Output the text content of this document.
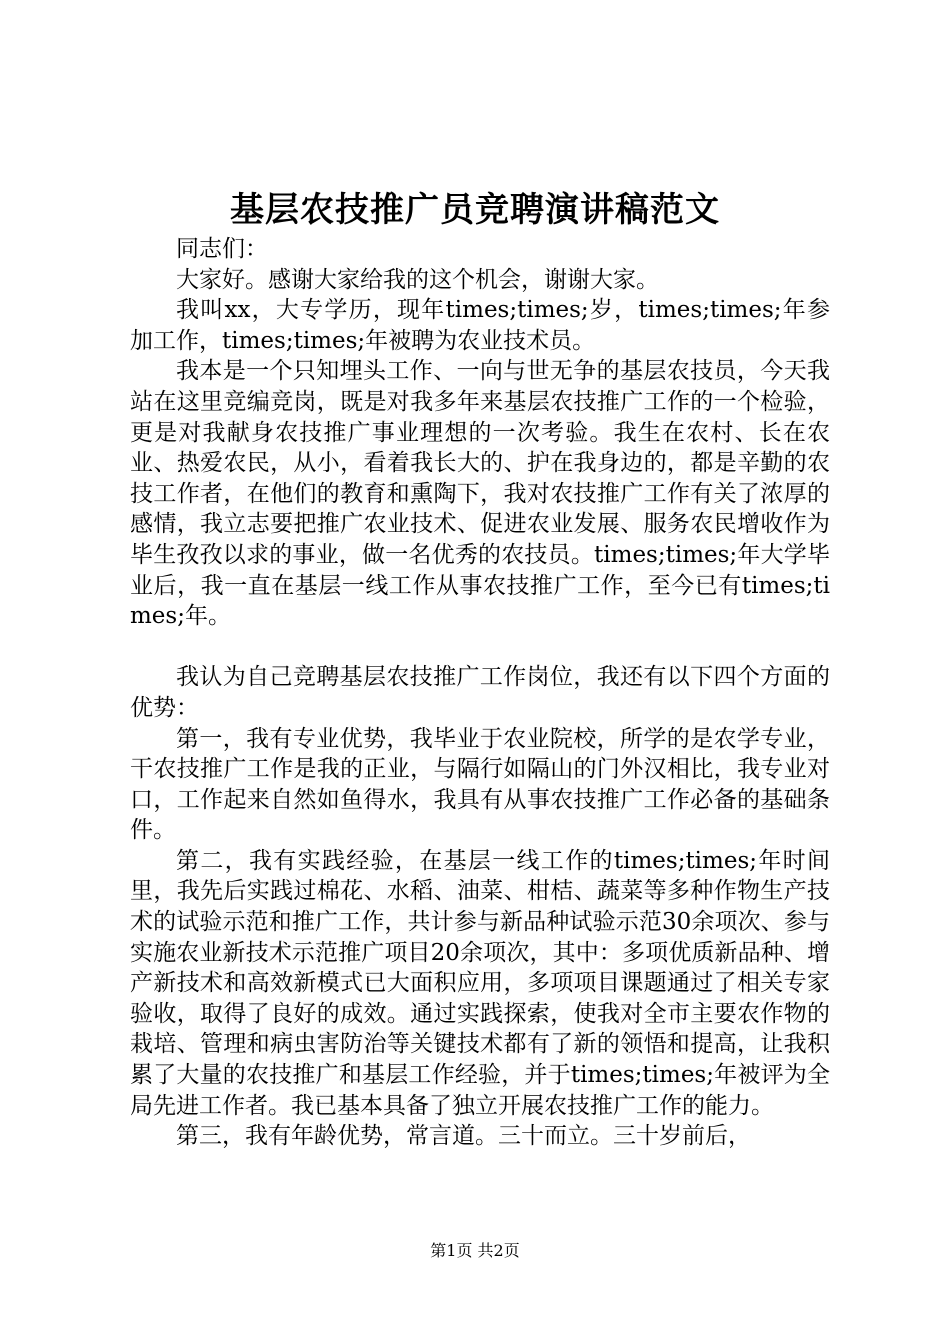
基层农技推广员竞聘演讲稿范文

同志们：

大家好。感谢大家给我的这个机会，谢谢大家。

我叫xx，大专学历，现年times;times;岁，times;times;年参加工作，times;times;年被聘为农业技术员。

我本是一个只知埋头工作、一向与世无争的基层农技员，今天我站在这里竞编竞岗，既是对我多年来基层农技推广工作的一个检验，更是对我献身农技推广事业理想的一次考验。我生在农村、长在农业、热爱农民，从小，看着我长大的、护在我身边的，都是辛勤的农技工作者，在他们的教育和熏陶下，我对农技推广工作有关了浓厚的感情，我立志要把推广农业技术、促进农业发展、服务农民增收作为毕生孜孜以求的事业，做一名优秀的农技员。times;times;年大学毕业后，我一直在基层一线工作从事农技推广工作，至今已有times;times;年。

我认为自己竞聘基层农技推广工作岗位，我还有以下四个方面的优势：

第一，我有专业优势，我毕业于农业院校，所学的是农学专业，干农技推广工作是我的正业，与隔行如隔山的门外汉相比，我专业对口，工作起来自然如鱼得水，我具有从事农技推广工作必备的基础条件。

第二，我有实践经验，在基层一线工作的times;times;年时间里，我先后实践过棉花、水稻、油菜、柑桔、蔬菜等多种作物生产技术的试验示范和推广工作，共计参与新品种试验示范30余项次、参与实施农业新技术示范推广项目20余项次，其中：多项优质新品种、增产新技术和高效新模式已大面积应用，多项项目课题通过了相关专家验收，取得了良好的成效。通过实践探索，使我对全市主要农作物的栽培、管理和病虫害防治等关键技术都有了新的领悟和提高，让我积累了大量的农技推广和基层工作经验，并于times;times;年被评为全局先进工作者。我已基本具备了独立开展农技推广工作的能力。

第三，我有年龄优势，常言道。三十而立。三十岁前后，

第1页 共2页
